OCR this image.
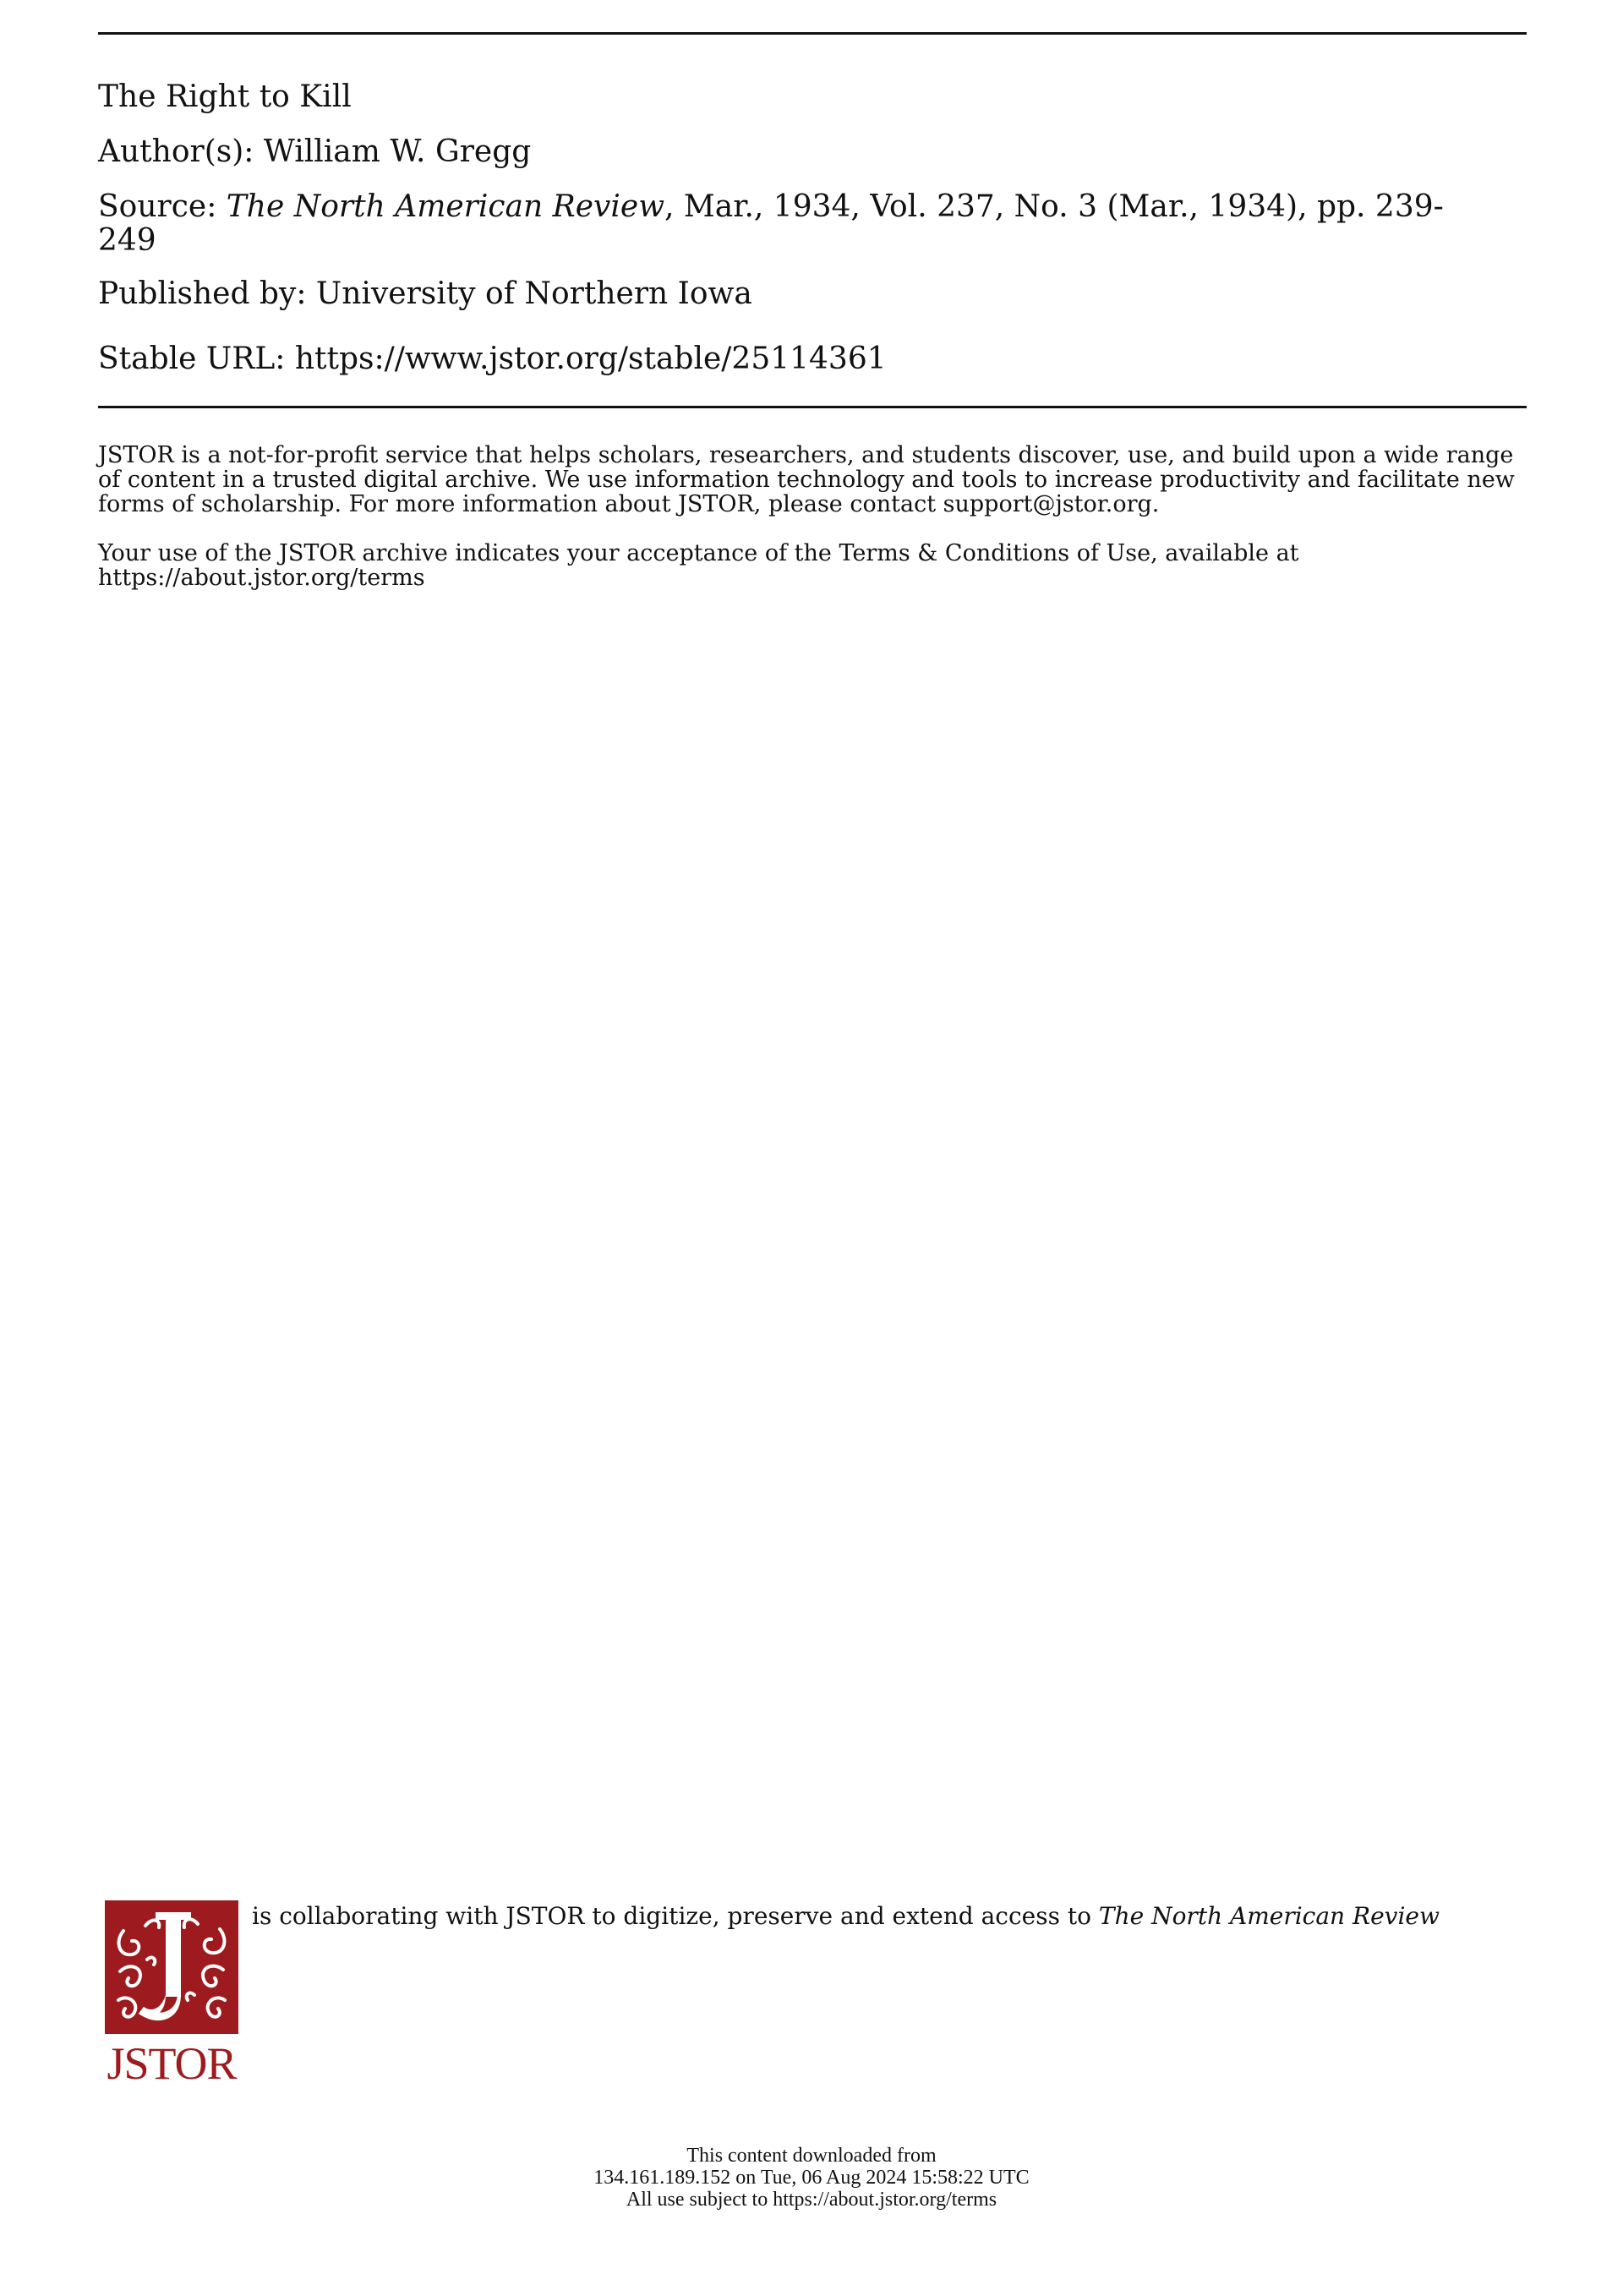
The Right to Kill
Author(s): William W. Gregg
Source: The North American Review, Mar., 1934, Vol. 237, No. 3 (Mar., 1934), pp. 239-249
Published by: University of Northern Iowa
Stable URL: https://www.jstor.org/stable/25114361
JSTOR is a not-for-profit service that helps scholars, researchers, and students discover, use, and build upon a wide range of content in a trusted digital archive. We use information technology and tools to increase productivity and facilitate new forms of scholarship. For more information about JSTOR, please contact support@jstor.org.
Your use of the JSTOR archive indicates your acceptance of the Terms & Conditions of Use, available at https://about.jstor.org/terms
JSTOR
is collaborating with JSTOR to digitize, preserve and extend access to The North American Review
This content downloaded from
134.161.189.152 on Tue, 06 Aug 2024 15:58:22 UTC
All use subject to https://about.jstor.org/terms
